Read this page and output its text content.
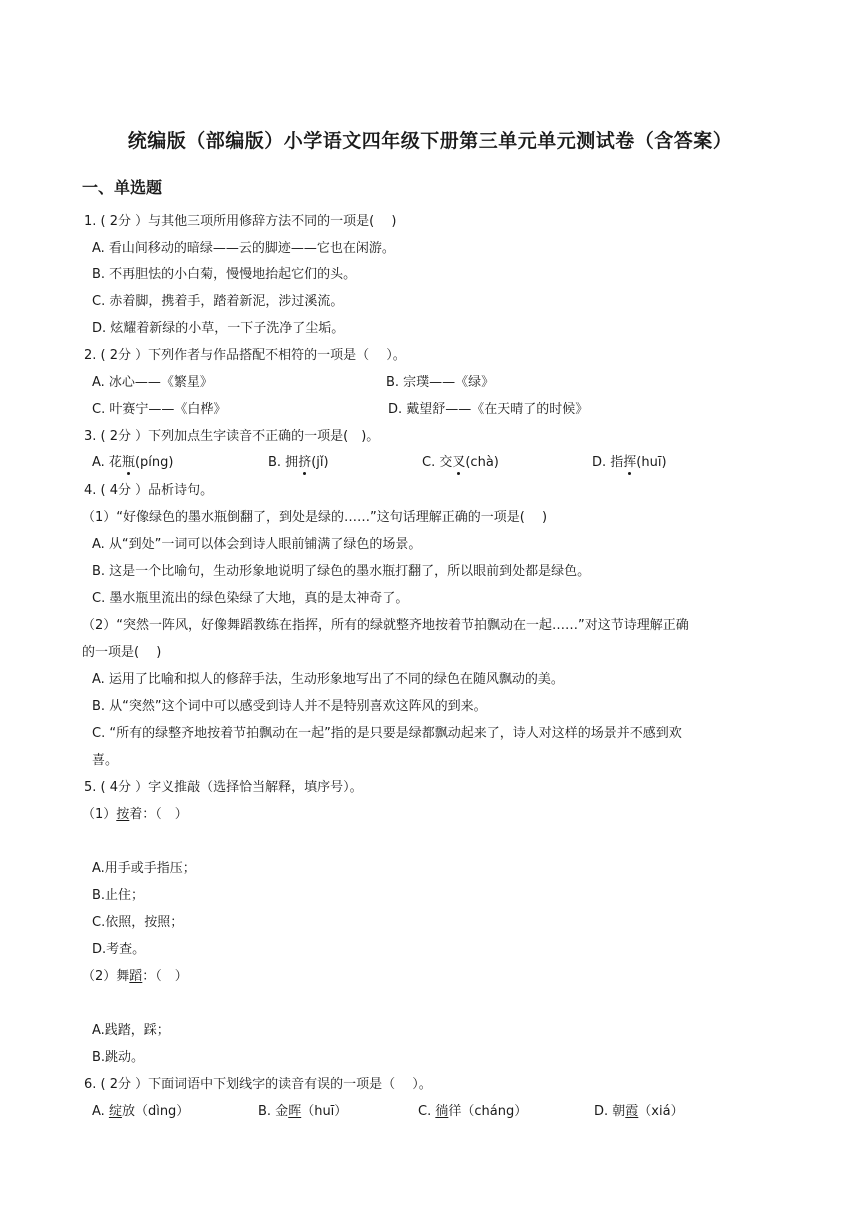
统编版（部编版）小学语文四年级下册第三单元单元测试卷（含答案）
一、单选题
1. ( 2分 ）与其他三项所用修辞方法不同的一项是(　 )
A. 看山间移动的暗绿——云的脚迹——它也在闲游。
B. 不再胆怯的小白菊，慢慢地抬起它们的头。
C. 赤着脚，携着手，踏着新泥，涉过溪流。
D. 炫耀着新绿的小草，一下子洗净了尘垢。
2. ( 2分 ）下列作者与作品搭配不相符的一项是（　 ）。
A. 冰心——《繁星》	B. 宗璞——《绿》
C. 叶赛宁——《白桦》	D. 戴望舒——《在天晴了的时候》
3. ( 2分 ）下列加点生字读音不正确的一项是(　)。
A. 花瓶(píng)	B. 拥挤(jǐ)	C. 交叉(chà)	D. 指挥(huī)
4. ( 4分 ）品析诗句。
（1）“好像绿色的墨水瓶倒翻了，到处是绿的……”这句话理解正确的一项是(　 )
A. 从“到处”一词可以体会到诗人眼前铺满了绿色的场景。
B. 这是一个比喻句，生动形象地说明了绿色的墨水瓶打翻了，所以眼前到处都是绿色。
C. 墨水瓶里流出的绿色染绿了大地，真的是太神奇了。
（2）“突然一阵风，好像舞蹈教练在指挥，所有的绿就整齐地按着节拍飘动在一起……”对这节诗理解正确
的一项是(　 )
A. 运用了比喻和拟人的修辞手法，生动形象地写出了不同的绿色在随风飘动的美。
B. 从“突然”这个词中可以感受到诗人并不是特别喜欢这阵风的到来。
C. “所有的绿整齐地按着节拍飘动在一起”指的是只要是绿都飘动起来了，诗人对这样的场景并不感到欢
喜。
5. ( 4分 ）字义推敲（选择恰当解释，填序号）。
（1）按着：（　）
A.用手或手指压；
B.止住；
C.依照，按照；
D.考查。
（2）舞蹈：（　）
A.践踏，踩；
B.跳动。
6. ( 2分 ）下面词语中下划线字的读音有误的一项是（　 ）。
A. 绽放（dìng）	B. 金晖（huī）	C. 徜徉（cháng）	D. 朝霞（xiá）
